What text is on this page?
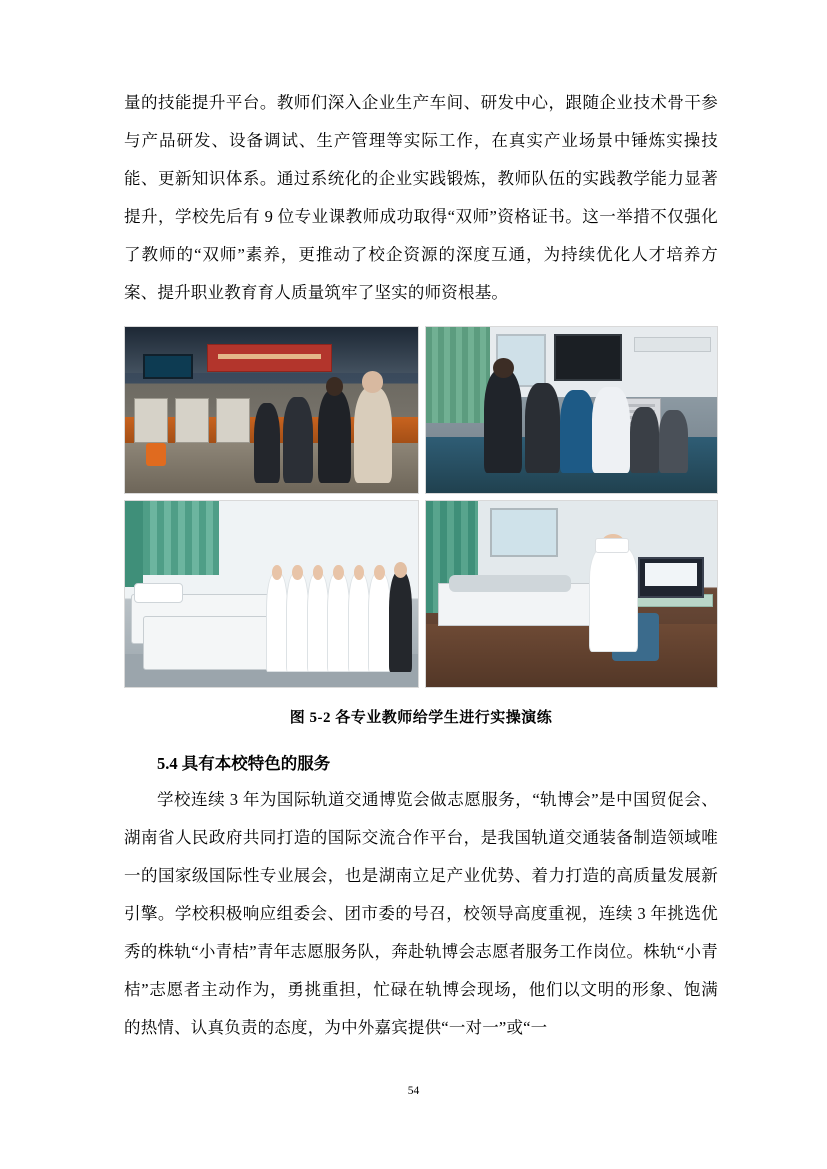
量的技能提升平台。教师们深入企业生产车间、研发中心，跟随企业技术骨干参与产品研发、设备调试、生产管理等实际工作，在真实产业场景中锤炼实操技能、更新知识体系。通过系统化的企业实践锻炼，教师队伍的实践教学能力显著提升，学校先后有 9 位专业课教师成功取得“双师”资格证书。这一举措不仅强化了教师的“双师”素养，更推动了校企资源的深度互通，为持续优化人才培养方案、提升职业教育育人质量筑牢了坚实的师资根基。

图 5-2 各专业教师给学生进行实操演练
5.4 具有本校特色的服务

学校连续 3 年为国际轨道交通博览会做志愿服务，“轨博会”是中国贸促会、湖南省人民政府共同打造的国际交流合作平台，是我国轨道交通装备制造领域唯一的国家级国际性专业展会，也是湖南立足产业优势、着力打造的高质量发展新引擎。学校积极响应组委会、团市委的号召，校领导高度重视，连续 3 年挑选优秀的株轨“小青桔”青年志愿服务队，奔赴轨博会志愿者服务工作岗位。株轨“小青桔”志愿者主动作为，勇挑重担，忙碌在轨博会现场，他们以文明的形象、饱满 的热情、认真负责的态度，为中外嘉宾提供“一对一”或“一

54
